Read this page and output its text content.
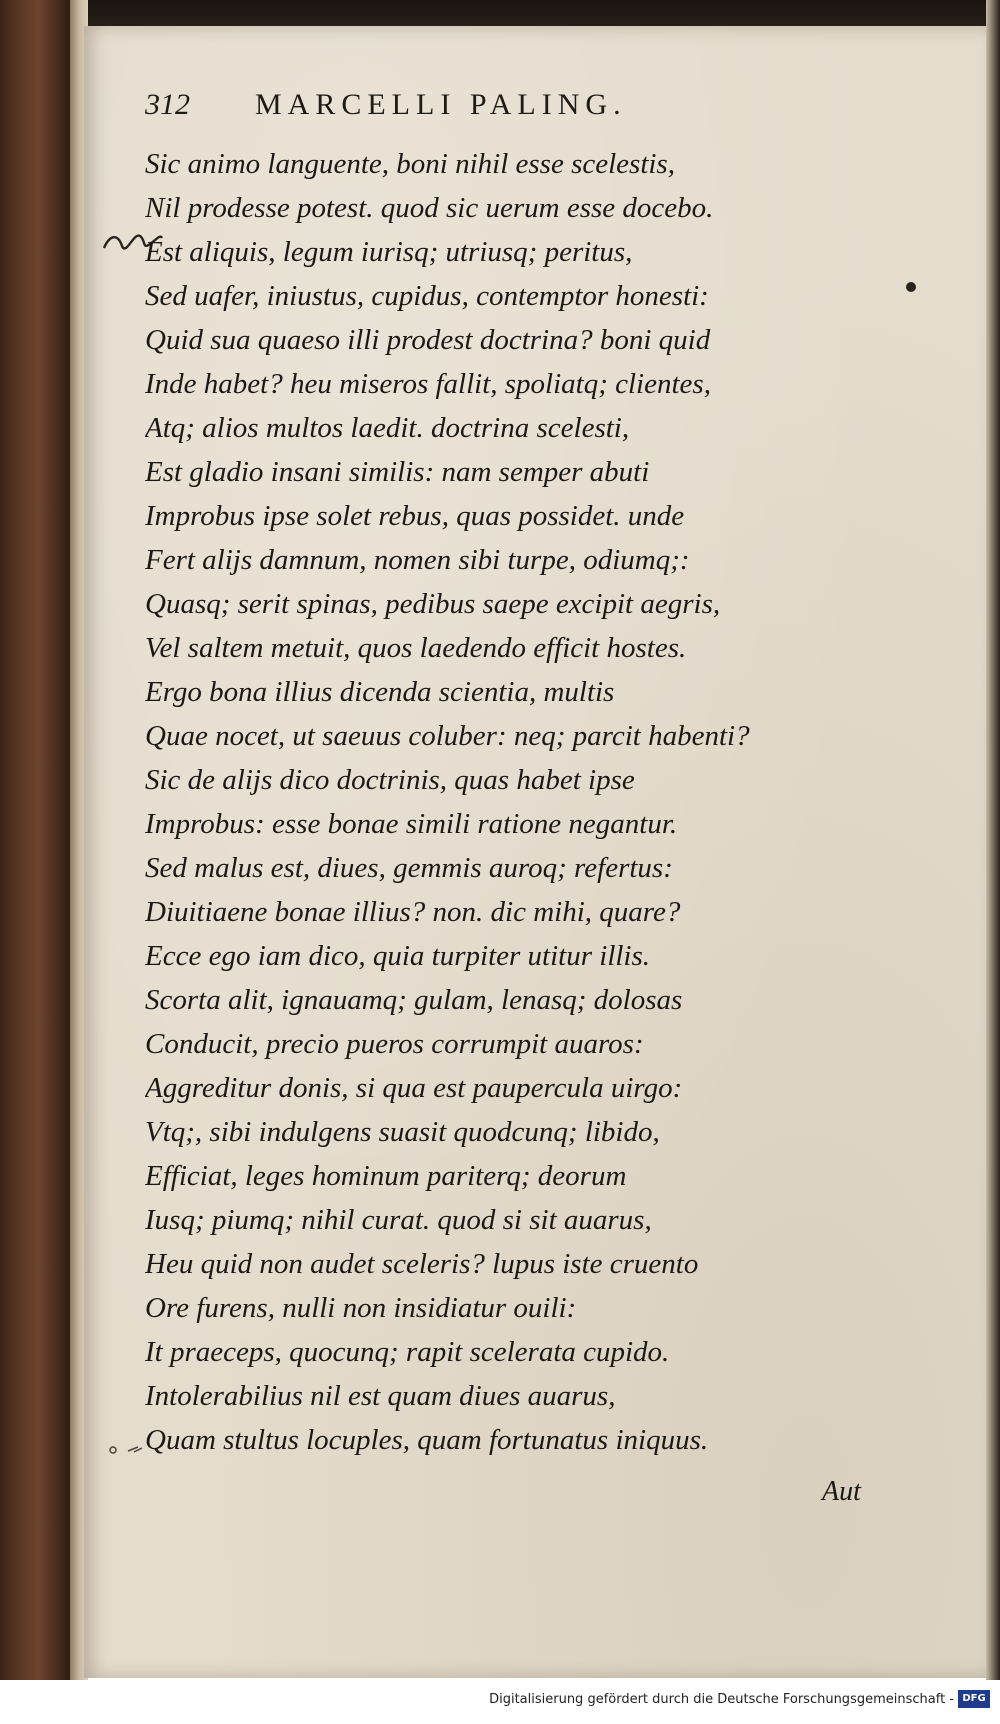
312	MARCELLI PALING.
Sic animo languente, boni nihil esse scelestis,
Nil prodesse potest. quod sic uerum esse docebo.
Est aliquis, legum iurisq; utriusq; peritus,
Sed uafer, iniustus, cupidus, contemptor honesti:
Quid sua quaeso illi prodest doctrina? boni quid
Inde habet? heu miseros fallit, spoliatq; clientes,
Atq; alios multos laedit. doctrina scelesti,
Est gladio insani similis: nam semper abuti
Improbus ipse solet rebus, quas possidet. unde
Fert alijs damnum, nomen sibi turpe, odiumq;:
Quasq; serit spinas, pedibus saepe excipit aegris,
Vel saltem metuit, quos laedendo efficit hostes.
Ergo bona illius dicenda scientia, multis
Quae nocet, ut saeuus coluber: neq; parcit habenti?
Sic de alijs dico doctrinis, quas habet ipse
Improbus: esse bonae simili ratione negantur.
Sed malus est, diues, gemmis auroq; refertus:
Diuitiaene bonae illius? non. dic mihi, quare?
Ecce ego iam dico, quia turpiter utitur illis.
Scorta alit, ignauamq; gulam, lenasq; dolosas
Conducit, precio pueros corrumpit auaros:
Aggreditur donis, si qua est paupercula uirgo:
Vtq;, sibi indulgens suasit quodcunq; libido,
Efficiat, leges hominum pariterq; deorum
Iusq; piumq; nihil curat. quod si sit auarus,
Heu quid non audet sceleris? lupus iste cruento
Ore furens, nulli non insidiatur ouili:
It praeceps, quocunq; rapit scelerata cupido.
Intolerabilius nil est quam diues auarus,
Quam stultus locuples, quam fortunatus iniquus.
Aut
Digitalisierung gefördert durch die Deutsche Forschungsgemeinschaft - DFG
